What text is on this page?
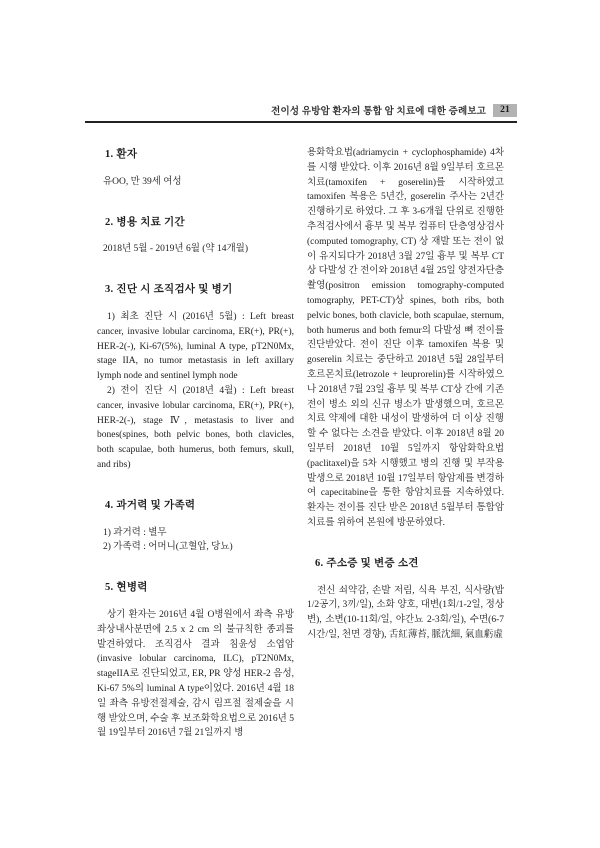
전이성 유방암 환자의 통합 암 치료에 대한 증례보고 21
1. 환자

유OO, 만 39세 여성

2. 병용 치료 기간

2018년 5월 - 2019년 6월 (약 14개월)

3. 진단 시 조직검사 및 병기

1) 최초 진단 시 (2016년 5월) : Left breast cancer, invasive lobular carcinoma, ER(+), PR(+), HER-2(-), Ki-67(5%), luminal A type, pT2N0Mx, stage IIA, no tumor metastasis in left axillary lymph node and sentinel lymph node

2) 전이 진단 시 (2018년 4월) : Left breast cancer, invasive lobular carcinoma, ER(+), PR(+), HER-2(-), stage Ⅳ, metastasis to liver and bones(spines, both pelvic bones, both clavicles, both scapulae, both humerus, both femurs, skull, and ribs)

4. 과거력 및 가족력

1) 과거력 : 별무

2) 가족력 : 어머니(고혈압, 당뇨)

5. 현병력

상기 환자는 2016년 4월 O병원에서 좌측 유방 좌상내사분면에 2.5 x 2 cm 의 불규칙한 종괴를 발견하였다. 조직검사 결과 침윤성 소엽암(invasive lobular carcinoma, ILC), pT2N0Mx, stageIIA로 진단되었고, ER, PR 양성 HER-2 음성, Ki-67 5%의 luminal A type이었다. 2016년 4월 18일 좌측 유방전절제술, 감시 림프절 절제술을 시행 받았으며, 수술 후 보조화학요법으로 2016년 5월 19일부터 2016년 7월 21일까지 병

용화학요법(adriamycin + cyclophosphamide) 4차를 시행 받았다. 이후 2016년 8월 9일부터 호르몬치료(tamoxifen + goserelin)를 시작하였고 tamoxifen 복용은 5년간, goserelin 주사는 2년간 진행하기로 하였다. 그 후 3-6개월 단위로 진행한 추적검사에서 흉부 및 복부 컴퓨터 단층영상검사(computed tomography, CT) 상 재발 또는 전이 없이 유지되다가 2018년 3월 27일 흉부 및 복부 CT상 다발성 간 전이와 2018년 4월 25일 양전자단층촬영(positron emission tomography-computed tomography, PET-CT)상 spines, both ribs, both pelvic bones, both clavicle, both scapulae, sternum, both humerus and both femur의 다발성 뼈 전이를 진단받았다. 전이 진단 이후 tamoxifen 복용 및 goserelin 치료는 중단하고 2018년 5월 28일부터 호르몬치료(letrozole + leuprorelin)를 시작하였으나 2018년 7월 23일 흉부 및 복부 CT상 간에 기존 전이 병소 외의 신규 병소가 발생했으며, 호르몬 치료 약제에 대한 내성이 발생하여 더 이상 진행할 수 없다는 소견을 받았다. 이후 2018년 8월 20일부터 2018년 10월 5일까지 항암화학요법(paclitaxel)을 5차 시행했고 병의 진행 및 부작용 발생으로 2018년 10월 17일부터 항암제를 변경하여 capecitabine을 통한 항암치료를 지속하였다. 환자는 전이를 진단 받은 2018년 5월부터 통합암치료를 위하여 본원에 방문하였다.

6. 주소증 및 변증 소견

전신 쇠약감, 손발 저림, 식욕 부진, 식사량(밥 1/2공기, 3끼/일), 소화 양호, 대변(1회/1-2일, 정상변), 소변(10-11회/일, 야간뇨 2-3회/일), 수면(6-7시간/일, 천면 경향), 舌紅薄苔, 脈沈細, 氣血虧虛
